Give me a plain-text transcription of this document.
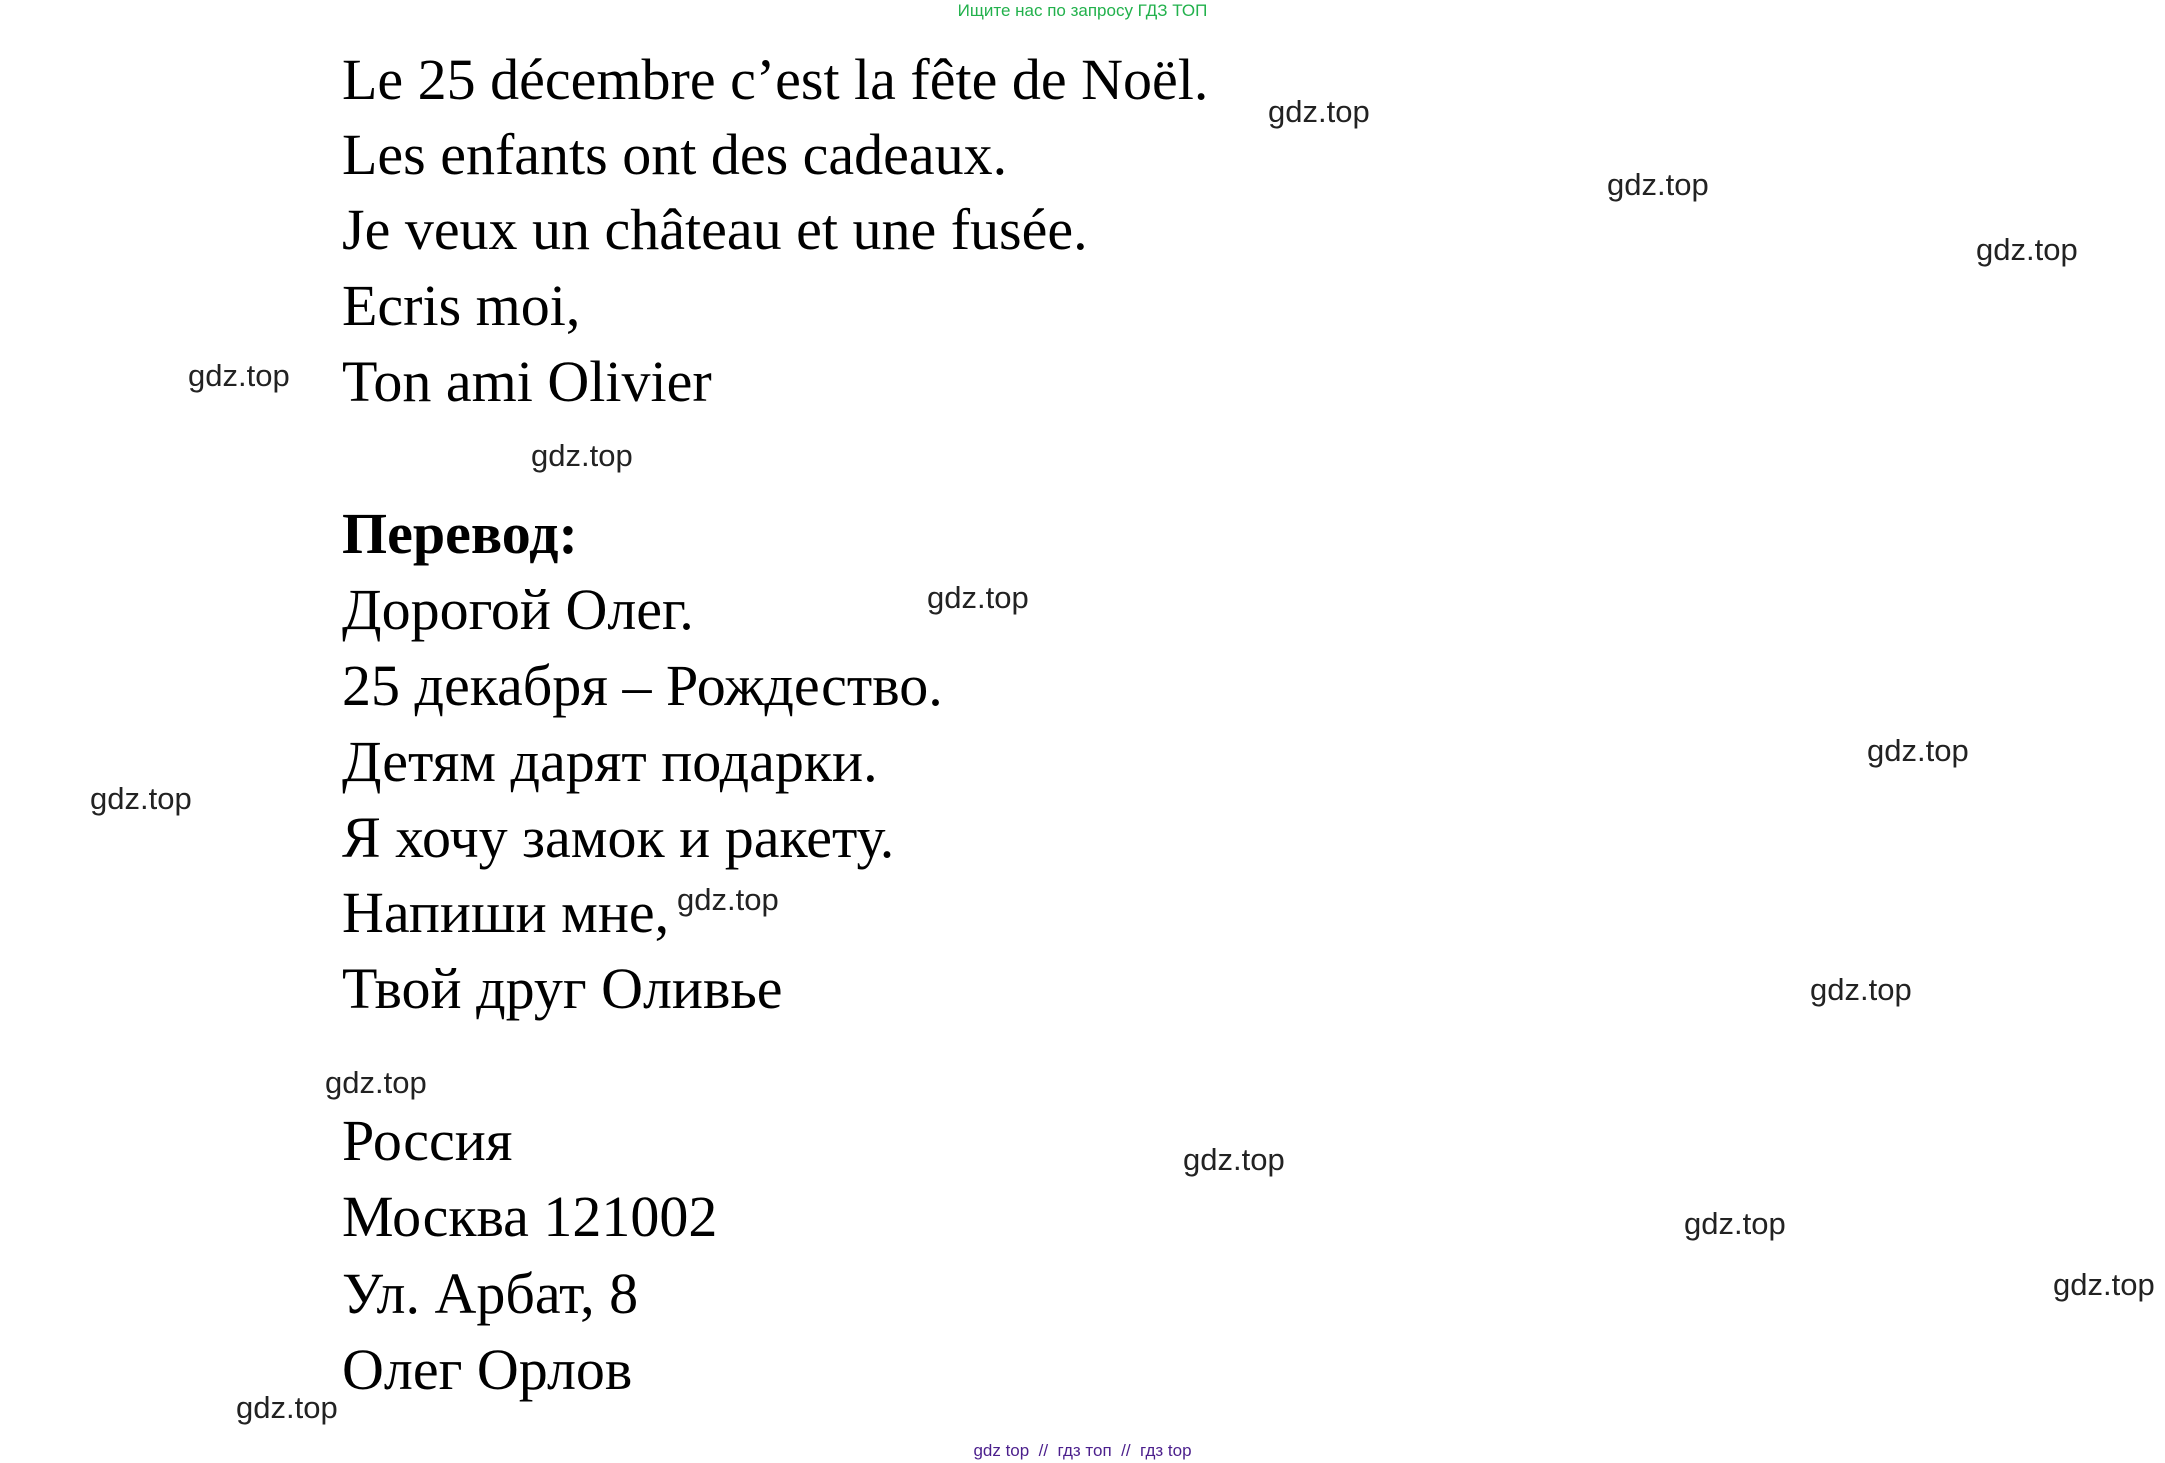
Ищите нас по запросу ГДЗ ТОП
Le 25 décembre c’est la fête de Noël.
Les enfants ont des cadeaux.
Je veux un château et une fusée.
Ecris moi,
Ton ami Olivier
Перевод:
Дорогой Олег.
25 декабря – Рождество.
Детям дарят подарки.
Я хочу замок и ракету.
Напиши мне,
Твой друг Оливье
Россия
Москва 121002
Ул. Арбат, 8
Олег Орлов
gdz.top
gdz.top
gdz.top
gdz.top
gdz.top
gdz.top
gdz.top
gdz.top
gdz.top
gdz.top
gdz.top
gdz.top
gdz.top
gdz.top
gdz.top
gdz top  //  гдз топ  //  гдз top
